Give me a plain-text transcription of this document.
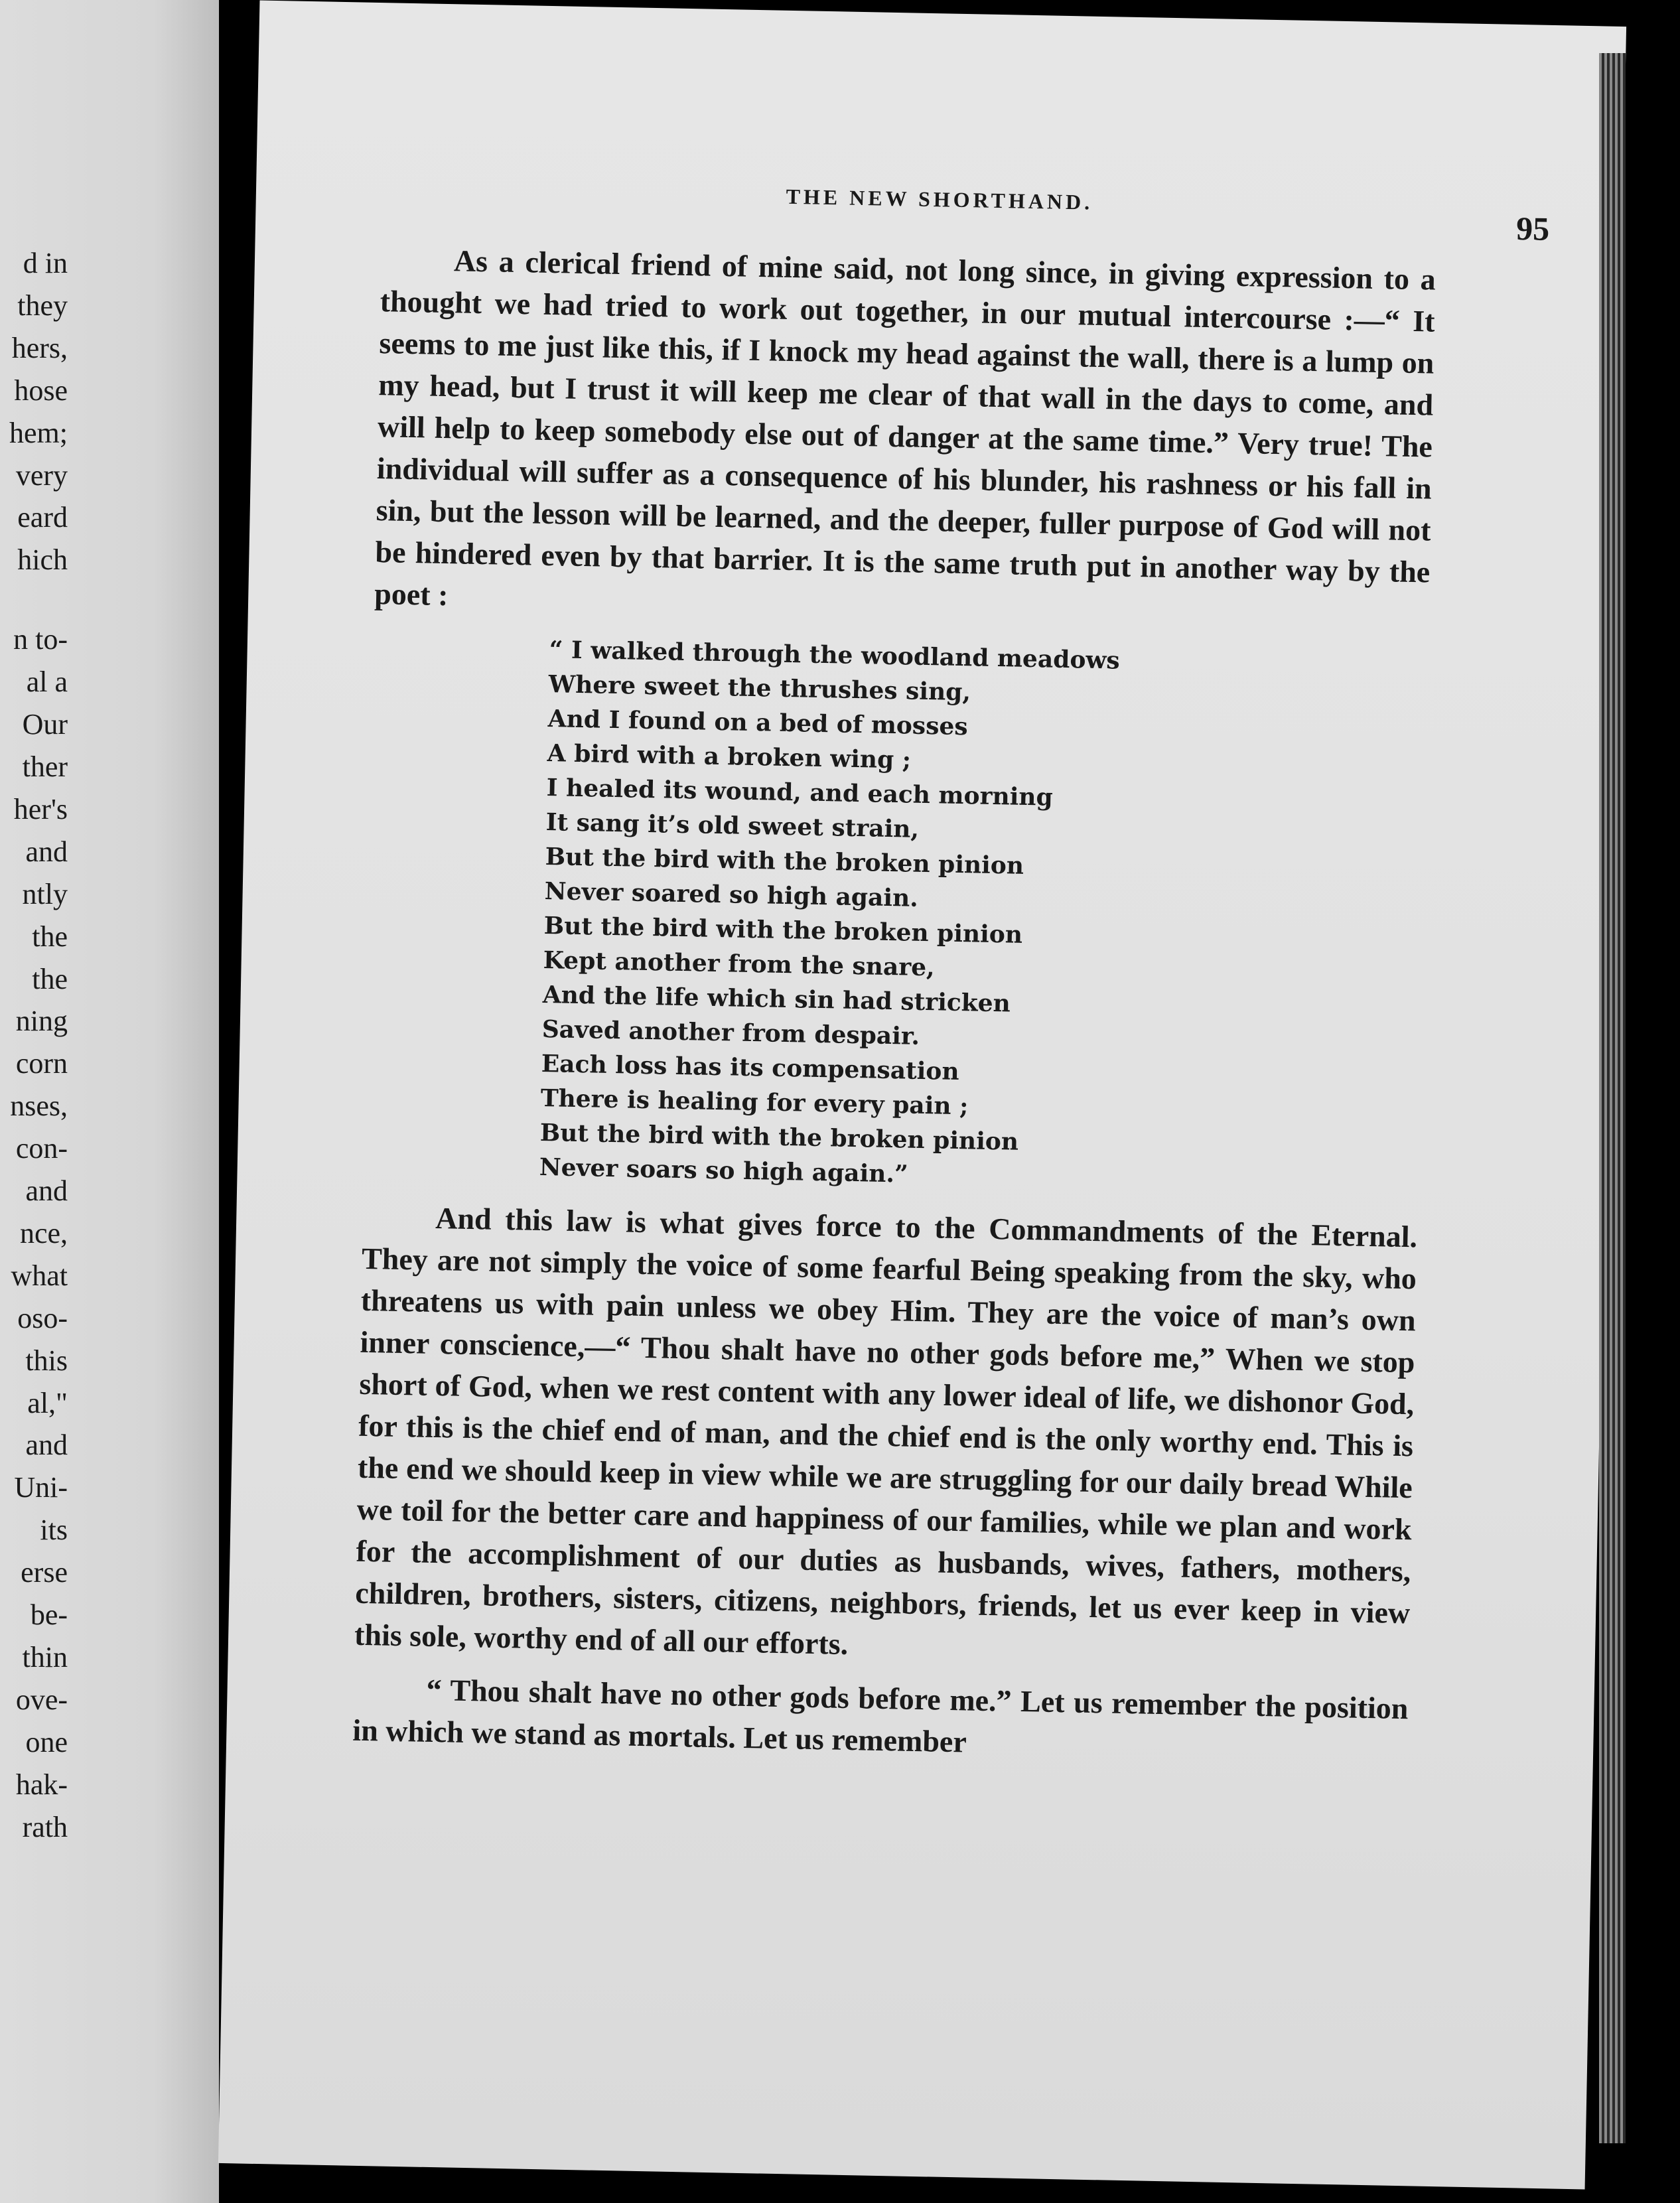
d in
they
hers,
hose
hem;
very
eard
hich
n to-
al a
Our
ther
her's
and
ntly
the
the
ning
corn
nses,
con-
and
nce,
what
oso-
this
al,"
and
Uni-
its
erse
be-
thin
ove-
one
hak-
rath
THE NEW SHORTHAND.
95

As a clerical friend of mine said, not long since, in giving expression to a thought we had tried to work out together, in our mutual intercourse :—“ It seems to me just like this, if I knock my head against the wall, there is a lump on my head, but I trust it will keep me clear of that wall in the days to come, and will help to keep somebody else out of danger at the same time.” Very true! The individual will suffer as a consequence of his blunder, his rashness or his fall in sin, but the lesson will be learned, and the deeper, fuller purpose of God will not be hindered even by that barrier. It is the same truth put in another way by the poet :

“ I walked through the woodland meadows
Where sweet the thrushes sing,
And I found on a bed of mosses
A bird with a broken wing ;
I healed its wound, and each morning
It sang it’s old sweet strain,
But the bird with the broken pinion
Never soared so high again.
But the bird with the broken pinion
Kept another from the snare,
And the life which sin had stricken
Saved another from despair.
Each loss has its compensation
There is healing for every pain ;
But the bird with the broken pinion
Never soars so high again.”

And this law is what gives force to the Commandments of the Eternal. They are not simply the voice of some fearful Being speaking from the sky, who threatens us with pain unless we obey Him. They are the voice of man’s own inner conscience,—“ Thou shalt have no other gods before me,” When we stop short of God, when we rest content with any lower ideal of life, we dishonor God, for this is the chief end of man, and the chief end is the only worthy end. This is the end we should keep in view while we are struggling for our daily bread While we toil for the better care and happiness of our families, while we plan and work for the accomplishment of our duties as husbands, wives, fathers, mothers, children, brothers, sisters, citizens, neighbors, friends, let us ever keep in view this sole, worthy end of all our efforts.

“ Thou shalt have no other gods before me.” Let us remember the position in which we stand as mortals. Let us remember
